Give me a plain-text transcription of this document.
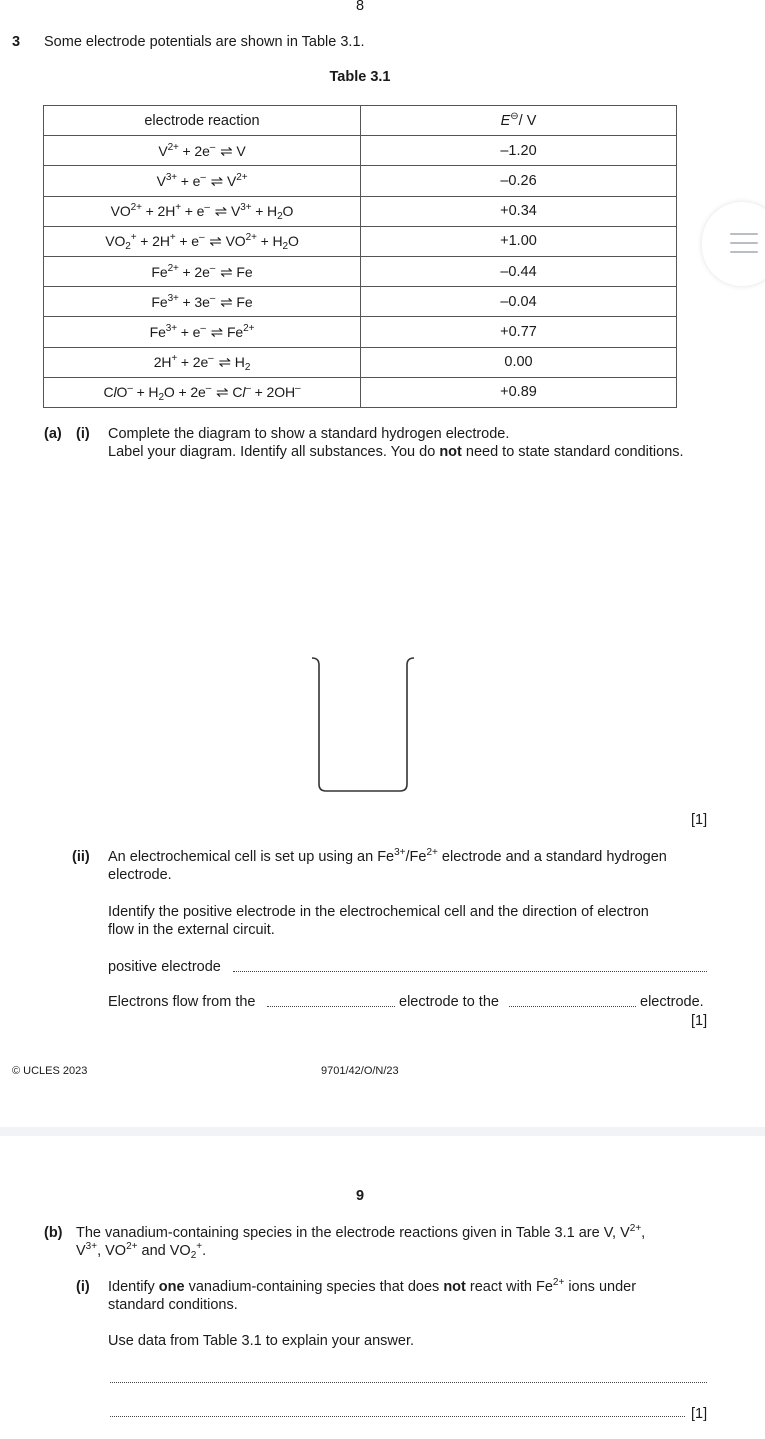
8
3 Some electrode potentials are shown in Table 3.1.
Table 3.1
electrode reaction	E⊖/ V
$V^{2+} + 2e^-$ ⇌ V	–1.20
$V^{3+} + e^-$ ⇌ $V^{2+}$	–0.26
$VO^{2+} + 2H^+ + e^-$ ⇌ $V^{3+} + H_2O$	+0.34
$VO_2^+ + 2H^+ + e^-$ ⇌ $VO^{2+} + H_2O$	+1.00
$Fe^{2+} + 2e^-$ ⇌ Fe	–0.44
$Fe^{3+} + 3e^-$ ⇌ Fe	–0.04
$Fe^{3+} + e^-$ ⇌ $Fe^{2+}$	+0.77
2H+ + 2e– ⇌ $H_2$	0.00
$ClO^- + H_2O + 2e^-$ ⇌ Cl– + 2OH–	+0.89
(a) (i) Complete the diagram to show a standard hydrogen electrode.
Label your diagram. Identify all substances. You do not need to state standard conditions.
[1]
(ii) An electrochemical cell is set up using an $Fe^{3+}/Fe^{2+}$ electrode and a standard hydrogen
electrode.
Identify the positive electrode in the electrochemical cell and the direction of electron
flow in the external circuit.
positive electrode
Electrons flow from the	electrode to the	electrode.
[1]
© UCLES 2023	9701/42/O/N/23
9
(b) The vanadium-containing species in the electrode reactions given in Table 3.1 are V, $V^{2+}$,
$V^{3+}$, $VO^{2+}$ and $VO_2^+$.
(i) Identify one vanadium-containing species that does not react with $Fe^{2+}$ ions under
standard conditions.
Use data from Table 3.1 to explain your answer.
[1]
